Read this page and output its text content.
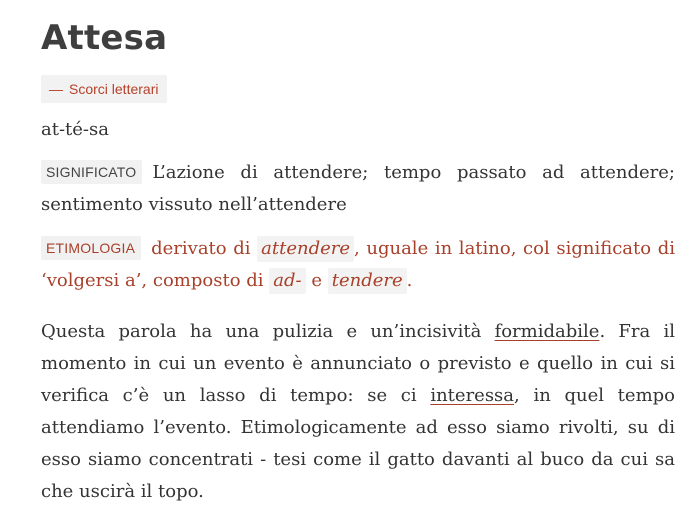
Attesa
— Scorci letterari
at-té-sa
SIGNIFICATO L’azione di attendere; tempo passato ad attendere; sentimento vissuto nell’attendere
ETIMOLOGIA derivato di attendere , uguale in latino, col significato di ‘volgersi a’, composto di ad- e tendere .
Questa parola ha una pulizia e un’incisività formidabile. Fra il momento in cui un evento è annunciato o previsto e quello in cui si verifica c’è un lasso di tempo: se ci interessa, in quel tempo attendiamo l’evento. Etimologicamente ad esso siamo rivolti, su di esso siamo concentrati - tesi come il gatto davanti al buco da cui sa che uscirà il topo.
